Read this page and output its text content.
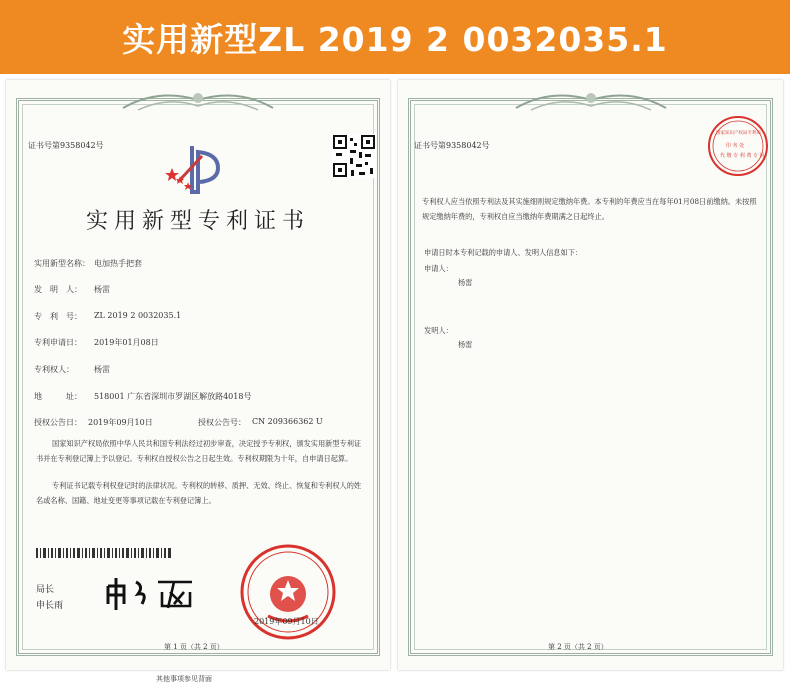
实用新型ZL 2019 2 0032035.1
证书号第9358042号
实用新型专利证书
实用新型名称： 电加热手把套
发　明　人： 杨雷
专　利　号： ZL 2019 2 0032035.1
专利申请日： 2019年01月08日
专利权人：	杨雷
地　　　址： 518001 广东省深圳市罗湖区解放路4018号
授权公告日： 2019年09月10日	授权公告号： CN 209366362 U
国家知识产权局依照中华人民共和国专利法经过初步审查，决定授予专利权，颁发实用新型专利证书并在专利登记簿上予以登记。专利权自授权公告之日起生效。专利权期限为十年，自申请日起算。
专利证书记载专利权登记时的法律状况。专利权的转移、质押、无效、终止、恢复和专利权人的姓名或名称、国籍、地址变更等事项记载在专利登记簿上。
局长
申长雨
2019年09月10日
第 1 页（共 2 页）
其他事项参见背面
证书号第9358042号
国家知识产权局专利局
印 务 处
代 缴 专 利 费 专 用
专利权人应当依照专利法及其实施细则规定缴纳年费。本专利的年费应当在每年01月08日前缴纳。未按照规定缴纳年费的，专利权自应当缴纳年费期满之日起终止。
申请日时本专利记载的申请人、发明人信息如下：
申请人：
杨雷
发明人：
杨雷
第 2 页（共 2 页）
